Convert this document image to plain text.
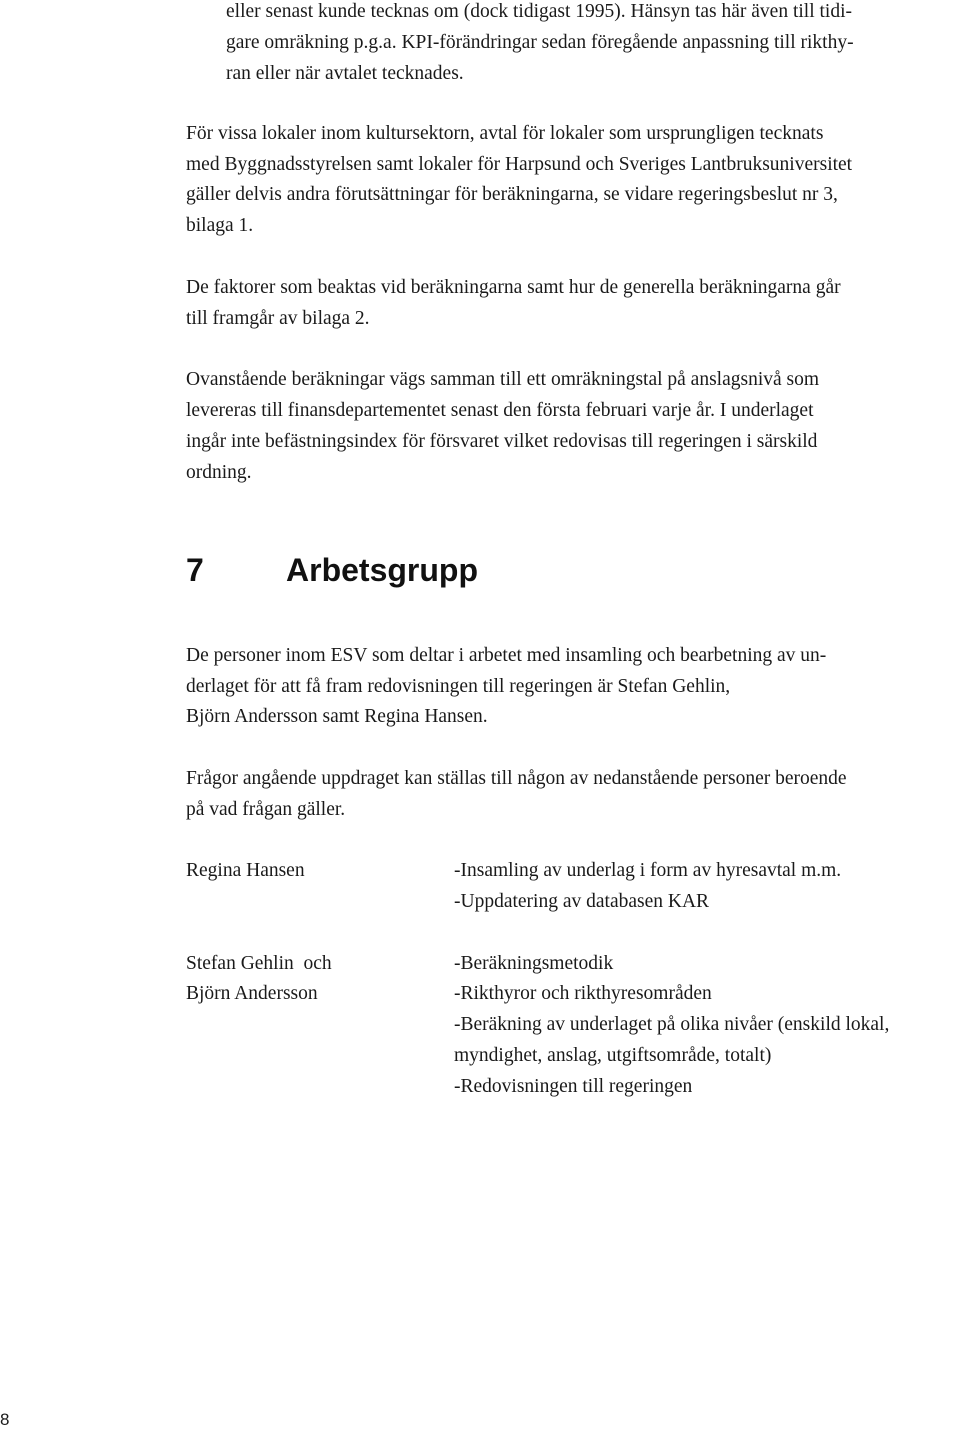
eller senast kunde tecknas om (dock tidigast 1995). Hänsyn tas här även till tidi-

gare omräkning p.g.a. KPI-förändringar sedan föregående anpassning till rikthy-

ran eller när avtalet tecknades.

För vissa lokaler inom kultursektorn, avtal för lokaler som ursprungligen tecknats

med Byggnadsstyrelsen samt lokaler för Harpsund och Sveriges Lantbruksuniversitet

gäller delvis andra förutsättningar för beräkningarna, se vidare regeringsbeslut nr 3,

bilaga 1.

De faktorer som beaktas vid beräkningarna samt hur de generella beräkningarna går

till framgår av bilaga 2.

Ovanstående beräkningar vägs samman till ett omräkningstal på anslagsnivå som

levereras till finansdepartementet senast den första februari varje år. I underlaget

ingår inte befästningsindex för försvaret vilket redovisas till regeringen i särskild

ordning.

7	Arbetsgrupp

De personer inom ESV som deltar i arbetet med insamling och bearbetning av un-

derlaget för att få fram redovisningen till regeringen är Stefan Gehlin,

Björn Andersson samt Regina Hansen.

Frågor angående uppdraget kan ställas till någon av nedanstående personer beroende

på vad frågan gäller.

Regina Hansen	-Insamling av underlag i form av hyresavtal m.m.

-Uppdatering av databasen KAR

Stefan Gehlin  och

Björn Andersson

-Beräkningsmetodik

-Rikthyror och rikthyresområden

-Beräkning av underlaget på olika nivåer (enskild lokal,

myndighet, anslag, utgiftsområde, totalt)

-Redovisningen till regeringen

8
